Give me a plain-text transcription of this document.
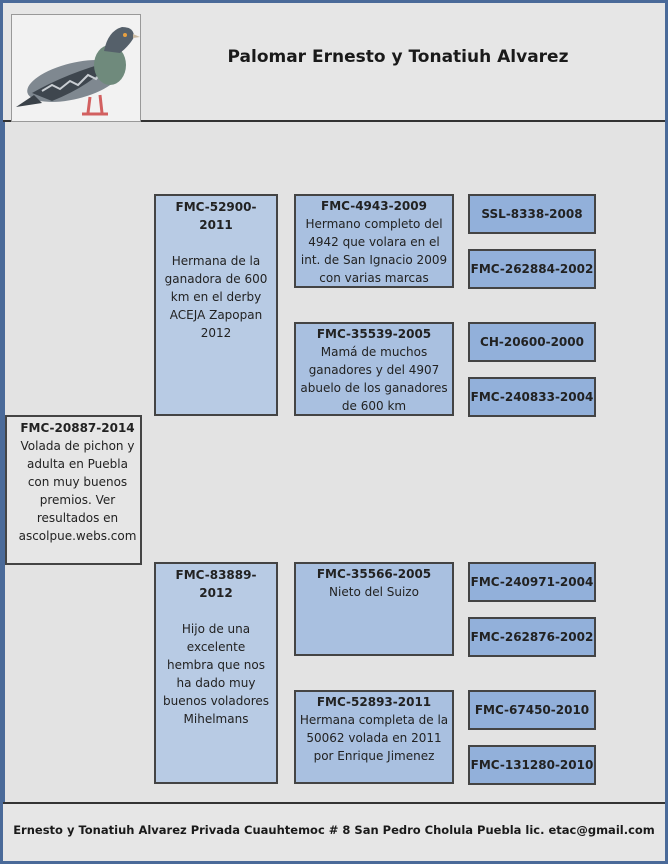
Palomar Ernesto y Tonatiuh Alvarez
FMC-20887-2014
Volada de pichon y adulta en Puebla con muy buenos premios. Ver resultados en ascolpue.webs.com
FMC-52900-2011
Hermana de la ganadora de 600 km en el derby ACEJA Zapopan 2012
FMC-83889-2012
Hijo de una excelente hembra que nos ha dado muy buenos voladores Mihelmans
FMC-4943-2009
Hermano completo del 4942 que volara en el int. de San Ignacio 2009 con varias marcas
FMC-35539-2005
Mamá de muchos ganadores y del 4907 abuelo de los ganadores de 600 km
FMC-35566-2005
Nieto del Suizo
FMC-52893-2011
Hermana completa de la 50062 volada en 2011 por Enrique Jimenez
SSL-8338-2008
FMC-262884-2002
CH-20600-2000
FMC-240833-2004
FMC-240971-2004
FMC-262876-2002
FMC-67450-2010
FMC-131280-2010
Ernesto y Tonatiuh Alvarez Privada Cuauhtemoc # 8 San Pedro Cholula Puebla lic. etac@gmail.com
